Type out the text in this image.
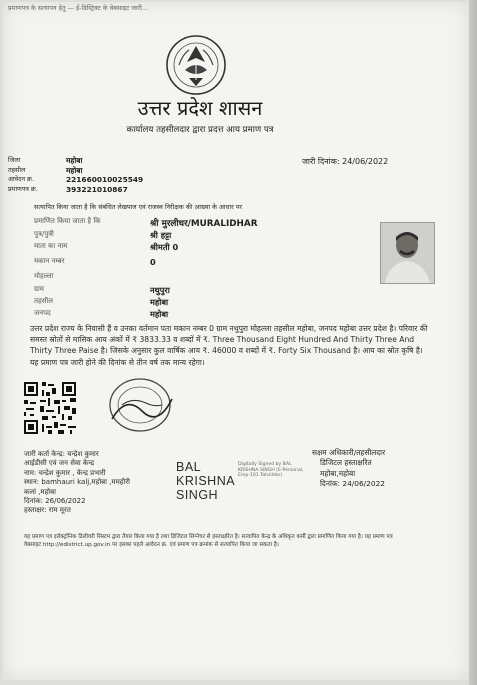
प्रमाणपत्र के सत्यापन हेतु — ई-डिस्ट्रिक्ट के वेबसाइट जारी...
उत्तर प्रदेश शासन
कार्यालय तहसीलदार द्वारा प्रदत्त आय प्रमाण पत्र
जारी दिनांक: 24/06/2022
जिला	महोबा
तहसील	महोबा
आवेदन क्र.	221660010025549
प्रमाणपत्र क्र.	393221010867
सत्यापित किया जाता है कि संबंधित लेखपाल एवं राजस्व निरीक्षक की आख्या के आधार पर
प्रमाणित किया जाता है कि	श्री मुरलीधर/MURALIDHAR
पुत्र/पुत्री	श्री हट्टा
माता का नाम	श्रीमती 0
मकान नम्बर	0
मोहल्ला
ग्राम	नथुपुरा
तहसील	महोबा
जनपद	महोबा
उत्तर प्रदेश राज्य के निवासी हैं व उनका वर्तमान पता मकान नम्बर 0 ग्राम नथुपुरा मोहल्ला तहसील महोबा, जनपद महोबा उत्तर प्रदेश है। परिवार की समस्त स्रोतों से मासिक आय अंकों में ₹ 3833.33 व शब्दों में ₹. Three Thousand Eight Hundred And Thirty Three And Thirty Three Paise है। जिसके अनुसार कुल वार्षिक आय ₹. 46000 व शब्दों में ₹. Forty Six Thousand है। आय का स्रोत कृषि है। यह प्रमाण पत्र जारी होने की दिनांक से तीन वर्ष तक मान्य रहेगा।
जारी कर्ता केन्द्र: चन्द्रेश कुमार
आईडीसी एवं जन सेवा केन्द्र
नाम: चन्द्रेश कुमार , केन्द्र प्रभारी
स्थान: bamhauri kalj,महोबा ,ममहौरी
कलां ,महोबा
दिनांक: 26/06/2022
हस्ताक्षर: राम मूरत
BAL
KRISHNA
SINGH
Digitally Signed by BAL KRISHNA SINGH (E-Personal, Emp-101 Tahsildar)
सक्षम अधिकारी/तहसीलदार
डिजिटल हस्ताक्षरित
महोबा,महोबा
दिनांक: 24/06/2022
यह प्रमाण पत्र इलेक्ट्रॉनिक डिलीवरी सिस्टम द्वारा तैयार किया गया है तथा डिजिटल सिग्नेचर से हस्ताक्षरित है। सत्यापित केन्द्र के अधिकृत कर्मी द्वारा प्रमाणित किया गया है। यह प्रमाण पत्र वेबसाइट http://edistrict.up.gov.in पर इसका पहले आवेदन क्र. एवं प्रमाण पत्र क्रमांक से सत्यापित किया जा सकता है।
